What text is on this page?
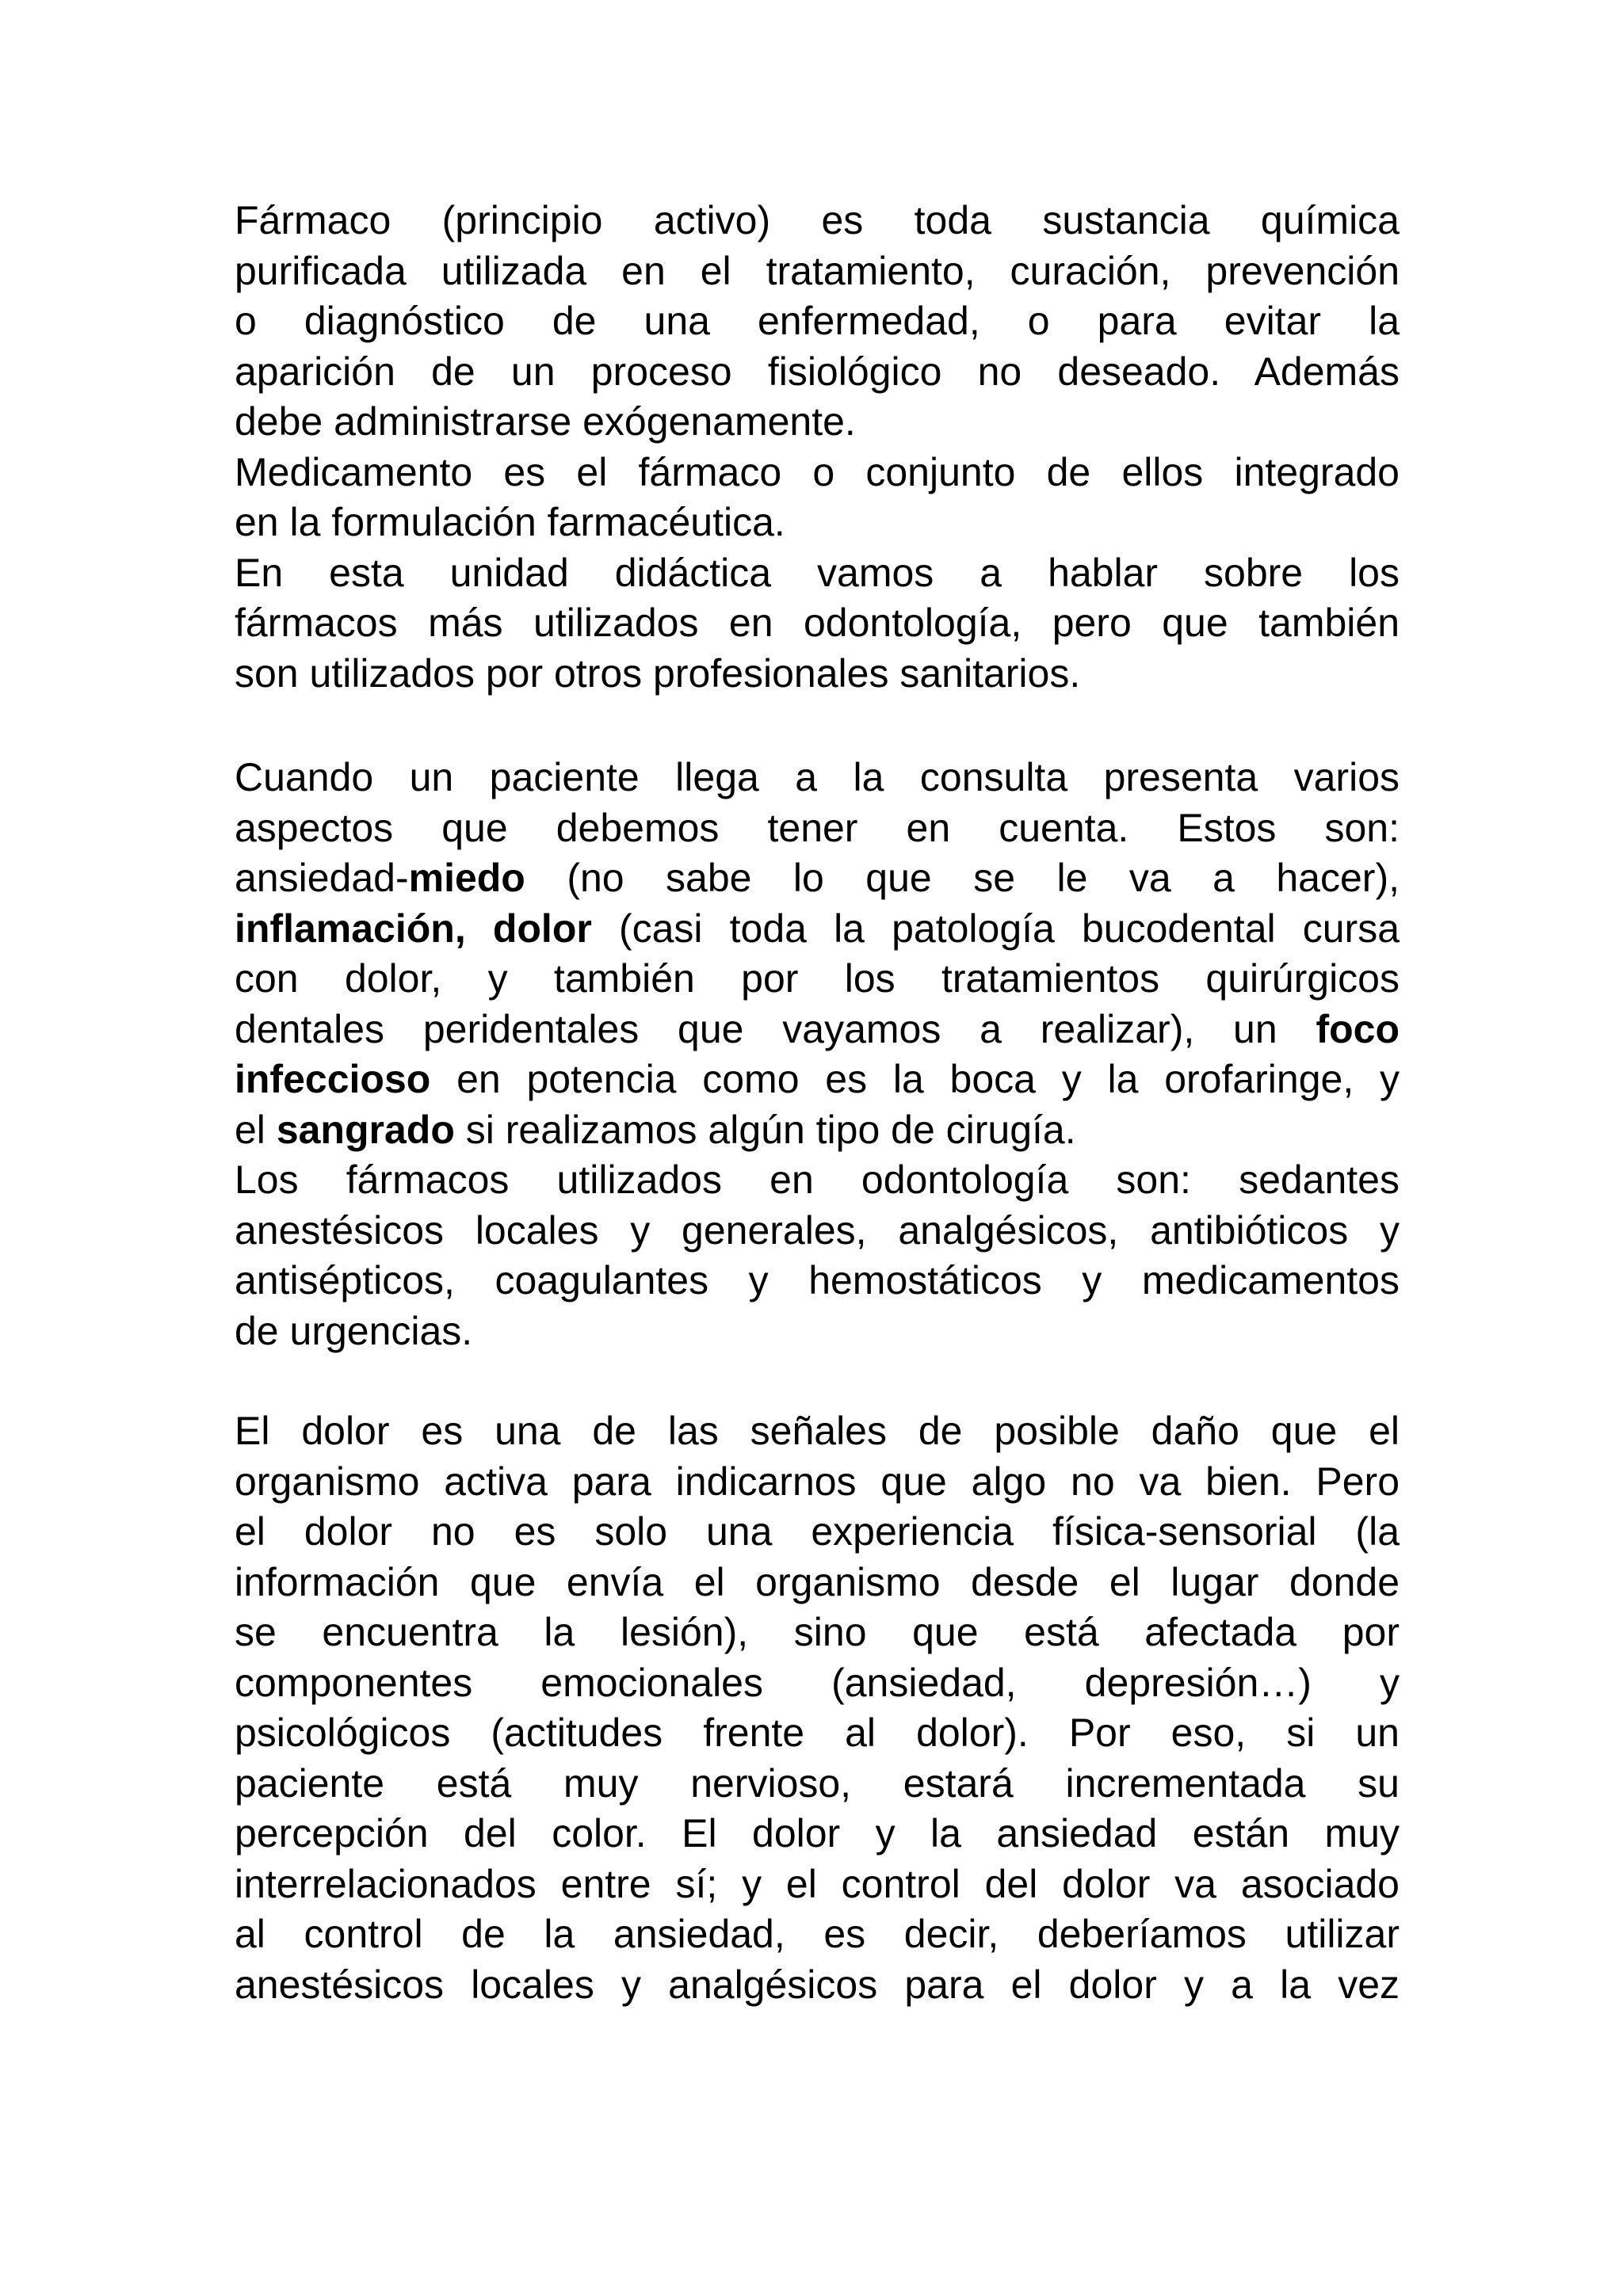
Fármaco (principio activo) es toda sustancia química
purificada utilizada en el tratamiento, curación, prevención
o diagnóstico de una enfermedad, o para evitar la
aparición de un proceso fisiológico no deseado. Además
debe administrarse exógenamente.
Medicamento es el fármaco o conjunto de ellos integrado
en la formulación farmacéutica.
En esta unidad didáctica vamos a hablar sobre los
fármacos más utilizados en odontología, pero que también
son utilizados por otros profesionales sanitarios.
Cuando un paciente llega a la consulta presenta varios
aspectos que debemos tener en cuenta. Estos son:
ansiedad-miedo (no sabe lo que se le va a hacer),
inflamación, dolor (casi toda la patología bucodental cursa
con dolor, y también por los tratamientos quirúrgicos
dentales peridentales que vayamos a realizar), un foco
infeccioso en potencia como es la boca y la orofaringe, y
el sangrado si realizamos algún tipo de cirugía.
Los fármacos utilizados en odontología son: sedantes
anestésicos locales y generales, analgésicos, antibióticos y
antisépticos, coagulantes y hemostáticos y medicamentos
de urgencias.
El dolor es una de las señales de posible daño que el
organismo activa para indicarnos que algo no va bien. Pero
el dolor no es solo una experiencia física-sensorial (la
información que envía el organismo desde el lugar donde
se encuentra la lesión), sino que está afectada por
componentes emocionales (ansiedad, depresión…) y
psicológicos (actitudes frente al dolor). Por eso, si un
paciente está muy nervioso, estará incrementada su
percepción del color. El dolor y la ansiedad están muy
interrelacionados entre sí; y el control del dolor va asociado
al control de la ansiedad, es decir, deberíamos utilizar
anestésicos locales y analgésicos para el dolor y a la vez
